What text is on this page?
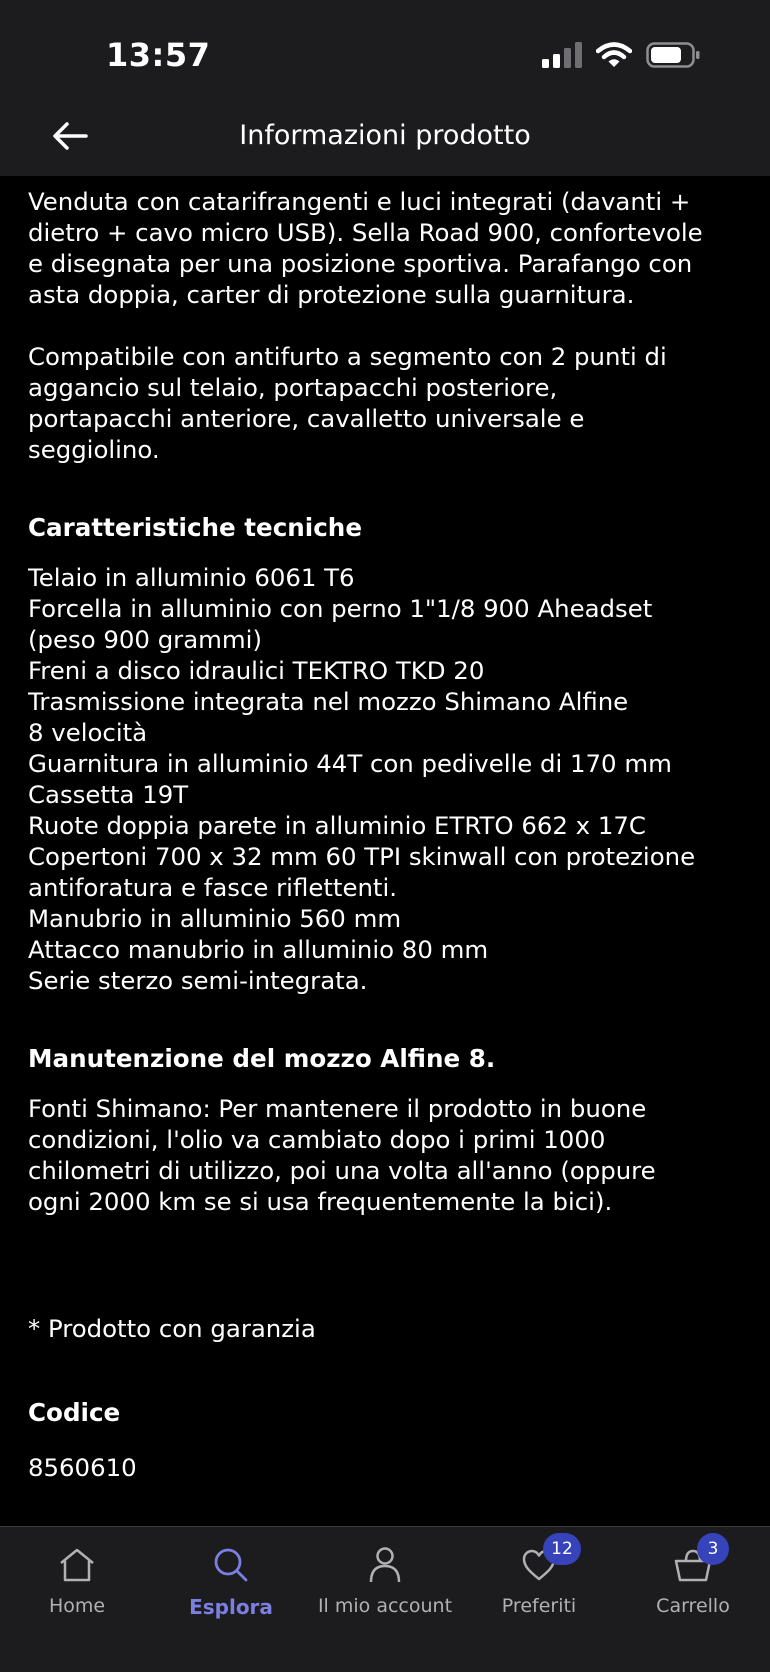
13:57
Informazioni prodotto
Venduta con catarifrangenti e luci integrati (davanti +
dietro + cavo micro USB). Sella Road 900, confortevole
e disegnata per una posizione sportiva. Parafango con
asta doppia, carter di protezione sulla guarnitura.
Compatibile con antifurto a segmento con 2 punti di
aggancio sul telaio, portapacchi posteriore,
portapacchi anteriore, cavalletto universale e
seggiolino.
Caratteristiche tecniche
Telaio in alluminio 6061 T6
Forcella in alluminio con perno 1"1/8 900 Aheadset
(peso 900 grammi)
Freni a disco idraulici TEKTRO TKD 20
Trasmissione integrata nel mozzo Shimano Alfine
8 velocità
Guarnitura in alluminio 44T con pedivelle di 170 mm
Cassetta 19T
Ruote doppia parete in alluminio ETRTO 662 x 17C
Copertoni 700 x 32 mm 60 TPI skinwall con protezione
antiforatura e fasce riflettenti.
Manubrio in alluminio 560 mm
Attacco manubrio in alluminio 80 mm
Serie sterzo semi-integrata.
Manutenzione del mozzo Alfine 8.
Fonti Shimano: Per mantenere il prodotto in buone
condizioni, l'olio va cambiato dopo i primi 1000
chilometri di utilizzo, poi una volta all'anno (oppure
ogni 2000 km se si usa frequentemente la bici).
* Prodotto con garanzia
Codice
8560610
Home	Esplora Il mio account
12
Preferiti
3
Carrello
